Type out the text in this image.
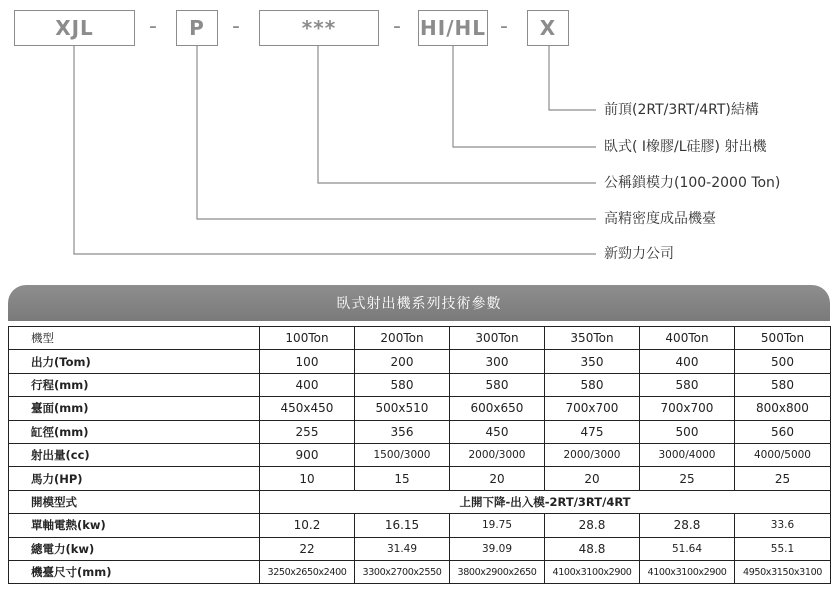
XJL	-	P	-	***	- HI/HL -	X
前頂(2RT/3RT/4RT)結構
臥式( I橡膠/L硅膠) 射出機
公稱鎖模力(100-2000 Ton)
高精密度成品機臺
新勁力公司
臥式射出機系列技術參數
機型	100Ton	200Ton	300Ton	350Ton	400Ton	500Ton
出力(Tom)	100	200	300	350	400	500
行程(mm)	400	580	580	580	580	580
臺面(mm)	450x450	500x510	600x650	700x700	700x700	800x800
缸徑(mm)	255	356	450	475	500	560
射出量(cc)	900	1500/3000	2000/3000	2000/3000	3000/4000	4000/5000
馬力(HP)	10	15	20	20	25	25
開模型式	上開下降-出入模-2RT/3RT/4RT					
單軸電熱(kw)	10.2	16.15	19.75	28.8	28.8	33.6
總電力(kw)	22	31.49	39.09	48.8	51.64	55.1
機臺尺寸(mm)	3250x2650x2400	3300x2700x2550	3800x2900x2650	4100x3100x2900	4100x3100x2900	4950x3150x3100
